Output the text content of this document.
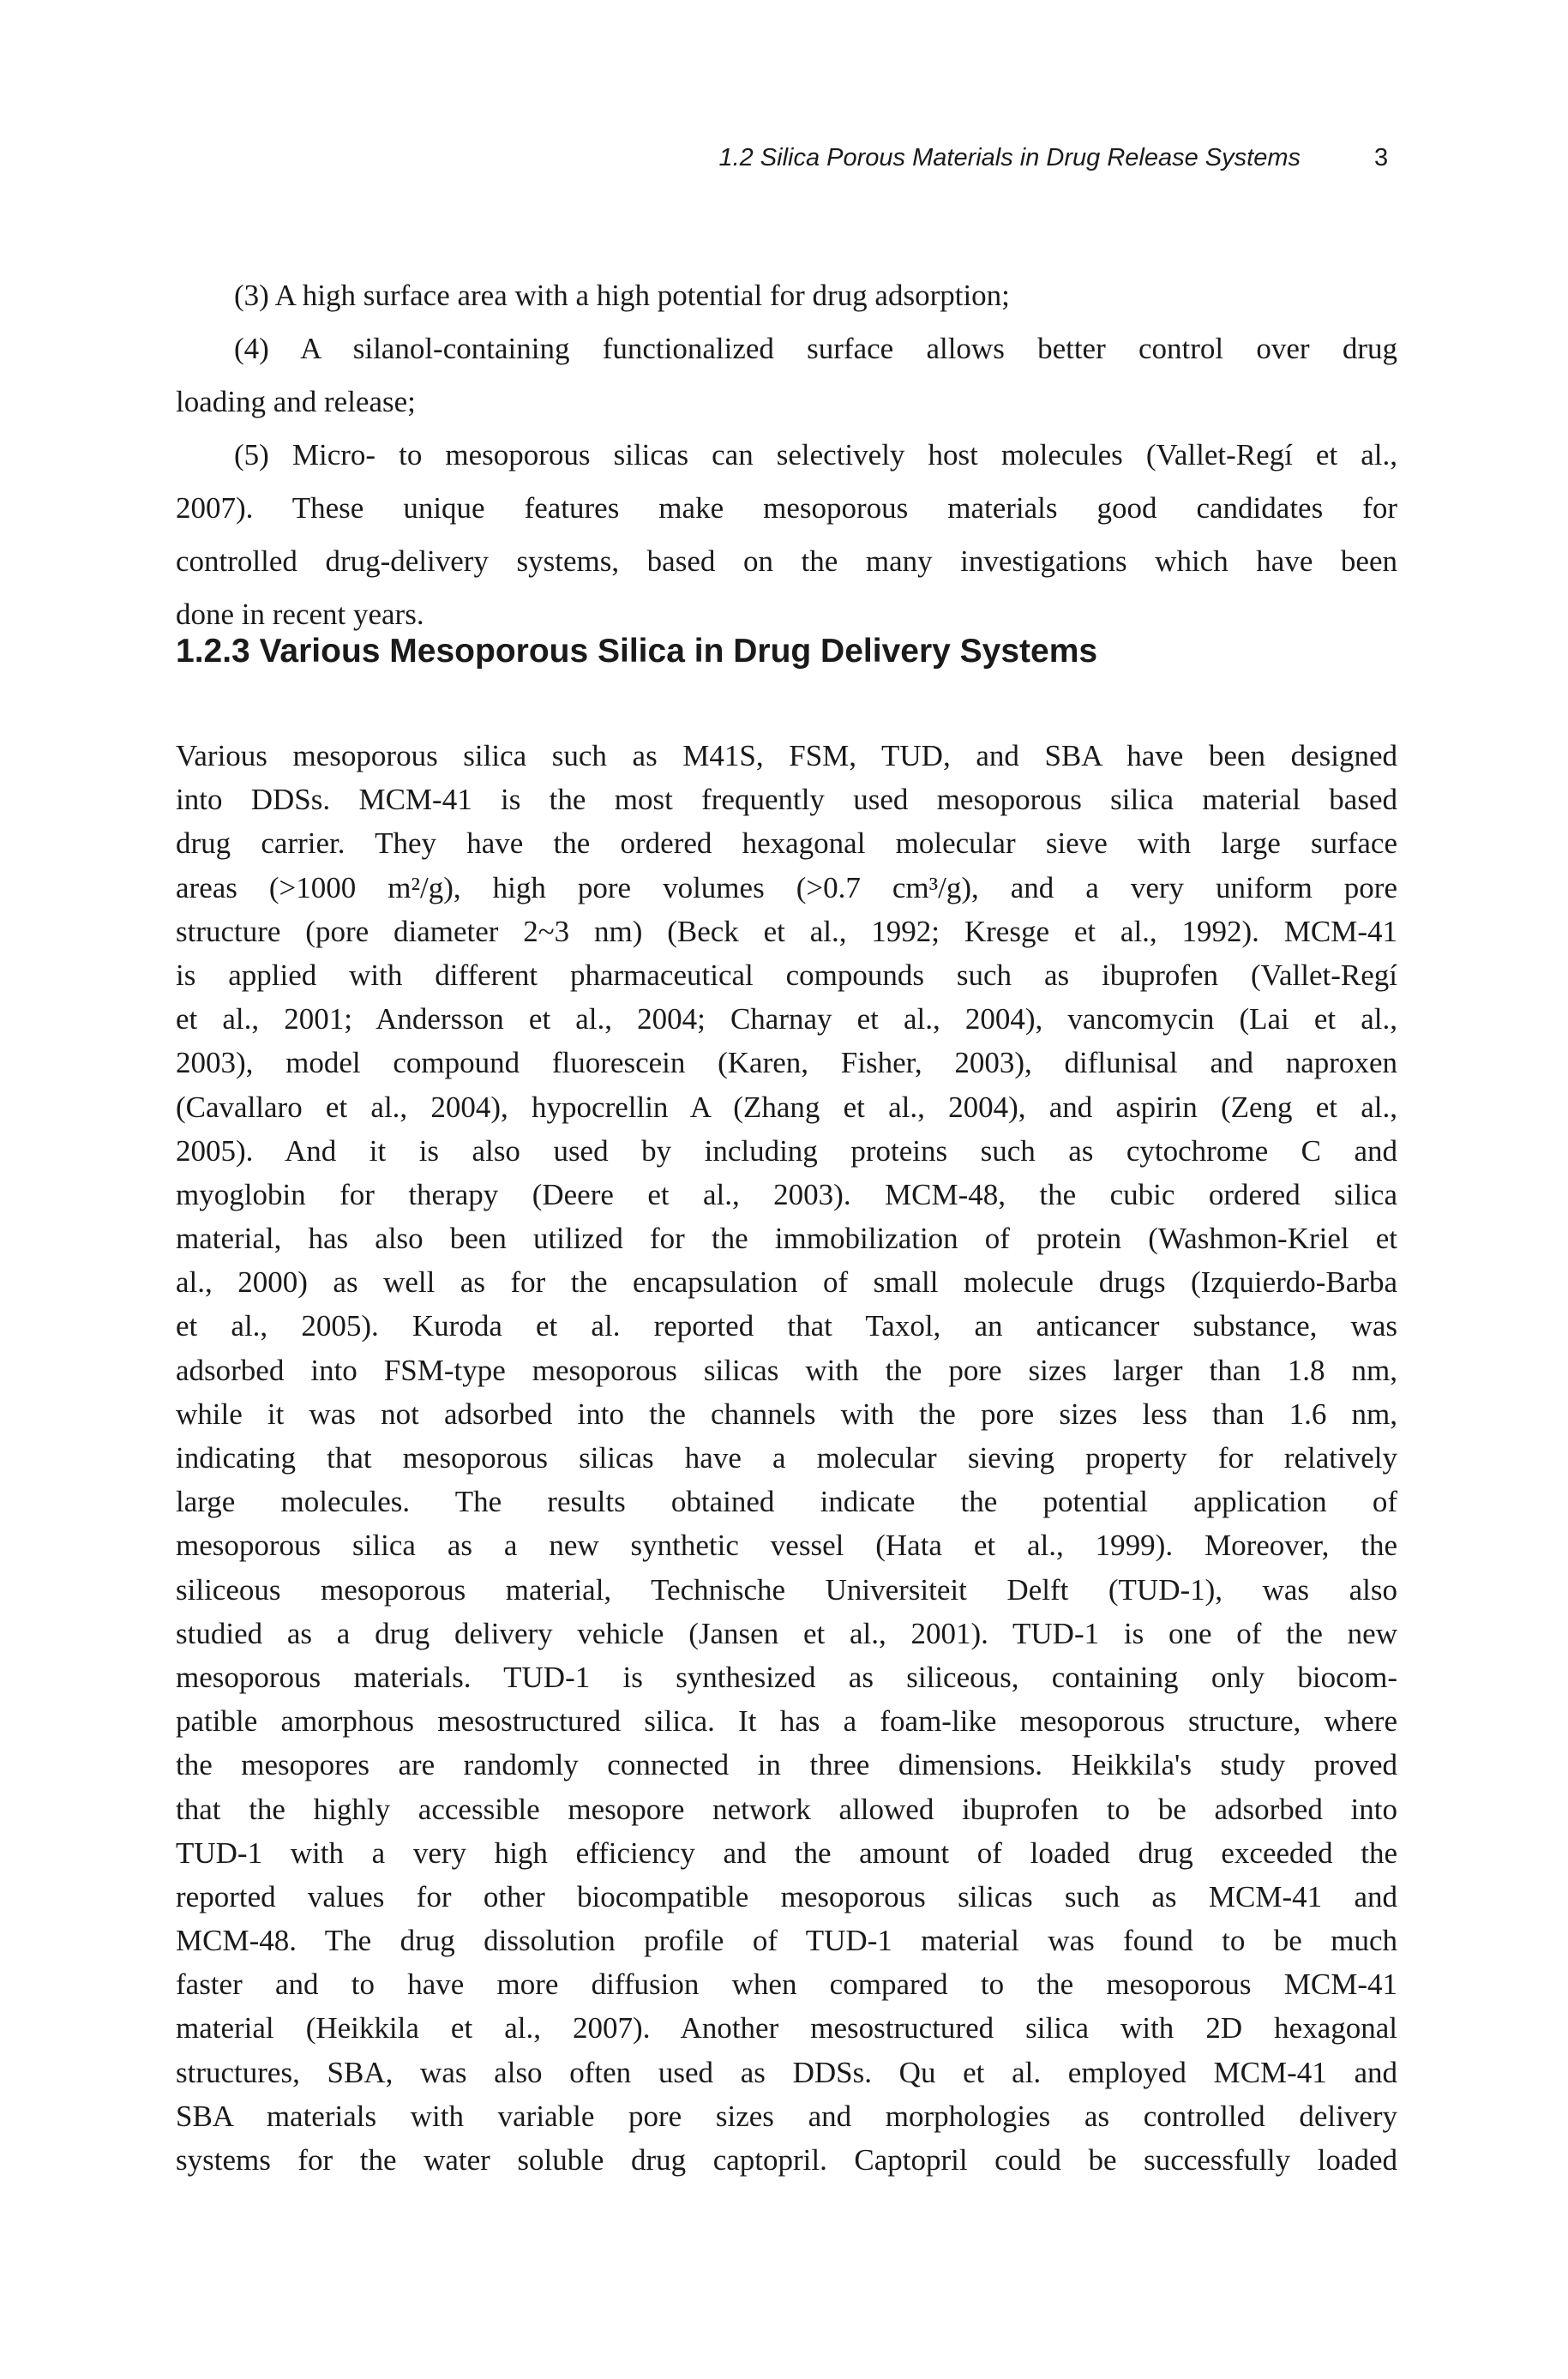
1.2 Silica Porous Materials in Drug Release Systems	3
(3) A high surface area with a high potential for drug adsorption;
(4) A silanol-containing functionalized surface allows better control over drug
loading and release;
(5) Micro- to mesoporous silicas can selectively host molecules (Vallet-Regí et al.,
2007). These unique features make mesoporous materials good candidates for
controlled drug-delivery systems, based on the many investigations which have been
done in recent years.
1.2.3 Various Mesoporous Silica in Drug Delivery Systems
Various mesoporous silica such as M41S, FSM, TUD, and SBA have been designed
into DDSs. MCM-41 is the most frequently used mesoporous silica material based
drug carrier. They have the ordered hexagonal molecular sieve with large surface
areas (>1000 m²/g), high pore volumes (>0.7 cm³/g), and a very uniform pore
structure (pore diameter 2~3 nm) (Beck et al., 1992; Kresge et al., 1992). MCM-41
is applied with different pharmaceutical compounds such as ibuprofen (Vallet-Regí
et al., 2001; Andersson et al., 2004; Charnay et al., 2004), vancomycin (Lai et al.,
2003), model compound fluorescein (Karen, Fisher, 2003), diflunisal and naproxen
(Cavallaro et al., 2004), hypocrellin A (Zhang et al., 2004), and aspirin (Zeng et al.,
2005). And it is also used by including proteins such as cytochrome C and
myoglobin for therapy (Deere et al., 2003). MCM-48, the cubic ordered silica
material, has also been utilized for the immobilization of protein (Washmon-Kriel et
al., 2000) as well as for the encapsulation of small molecule drugs (Izquierdo-Barba
et al., 2005). Kuroda et al. reported that Taxol, an anticancer substance, was
adsorbed into FSM-type mesoporous silicas with the pore sizes larger than 1.8 nm,
while it was not adsorbed into the channels with the pore sizes less than 1.6 nm,
indicating that mesoporous silicas have a molecular sieving property for relatively
large molecules. The results obtained indicate the potential application of
mesoporous silica as a new synthetic vessel (Hata et al., 1999). Moreover, the
siliceous mesoporous material, Technische Universiteit Delft (TUD-1), was also
studied as a drug delivery vehicle (Jansen et al., 2001). TUD-1 is one of the new
mesoporous materials. TUD-1 is synthesized as siliceous, containing only biocom-
patible amorphous mesostructured silica. It has a foam-like mesoporous structure, where
the mesopores are randomly connected in three dimensions. Heikkila's study proved
that the highly accessible mesopore network allowed ibuprofen to be adsorbed into
TUD-1 with a very high efficiency and the amount of loaded drug exceeded the
reported values for other biocompatible mesoporous silicas such as MCM-41 and
MCM-48. The drug dissolution profile of TUD-1 material was found to be much
faster and to have more diffusion when compared to the mesoporous MCM-41
material (Heikkila et al., 2007). Another mesostructured silica with 2D hexagonal
structures, SBA, was also often used as DDSs. Qu et al. employed MCM-41 and
SBA materials with variable pore sizes and morphologies as controlled delivery
systems for the water soluble drug captopril. Captopril could be successfully loaded
